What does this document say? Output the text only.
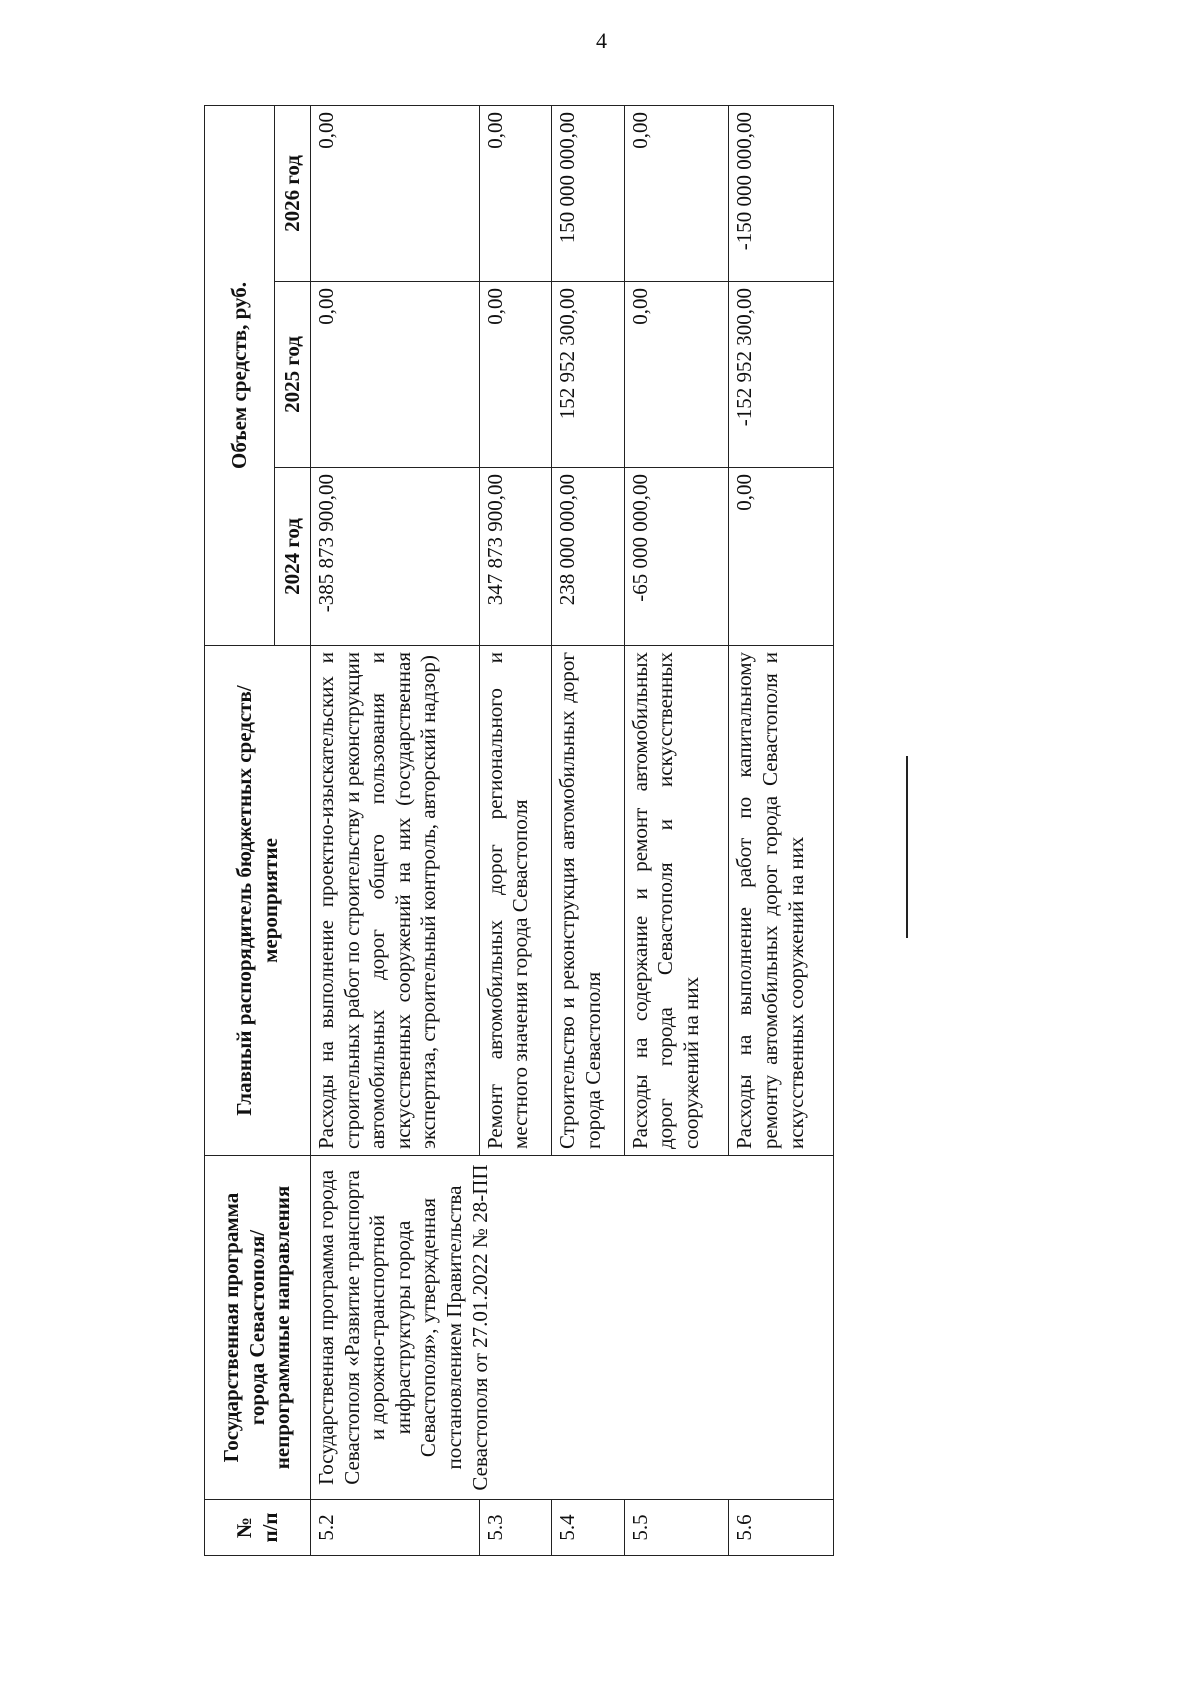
4
№ п/п	Государственная программа города Севастополя/непрограммные направления	Главный распорядитель бюджетных средств/мероприятие	Объем средств, руб.		
			2024 год	2025 год	2026 год
5.2	Государственная программа города Севастополя «Развитие транспорта и дорожно-транспортной инфраструктуры города Севастополя», утвержденная постановлением Правительства Севастополя от 27.01.2022 № 28-ПП	Расходы на выполнение проектно-изыскательских и строительных работ по строительству и реконструкции автомобильных дорог общего пользования и искусственных сооружений на них (государственная экспертиза, строительный контроль, авторский надзор)	-385 873 900,00	0,00	0,00
5.3		Ремонт автомобильных дорог регионального и местного значения города Севастополя	347 873 900,00	0,00	0,00
5.4		Строительство и реконструкция автомобильных дорог города Севастополя	238 000 000,00	152 952 300,00	150 000 000,00
5.5		Расходы на содержание и ремонт автомобильных дорог города Севастополя и искусственных сооружений на них	-65 000 000,00	0,00	0,00
5.6		Расходы на выполнение работ по капитальному ремонту автомобильных дорог города Севастополя и искусственных сооружений на них	0,00	-152 952 300,00	-150 000 000,00
